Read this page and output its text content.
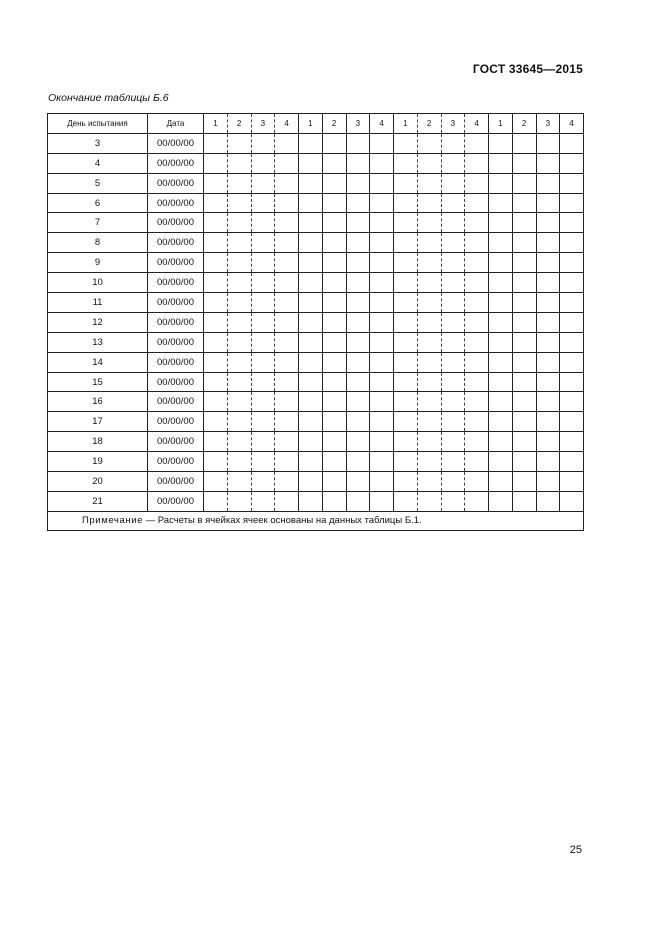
ГОСТ 33645—2015
Окончание таблицы Б.6
День испытания	Дата	1	2	3	4	1	2	3	4	1	2	3	4	1	2	3	4
3	00/00/00																
4	00/00/00																
5	00/00/00																
6	00/00/00																
7	00/00/00																
8	00/00/00																
9	00/00/00																
10	00/00/00																
11	00/00/00																
12	00/00/00																
13	00/00/00																
14	00/00/00																
15	00/00/00																
16	00/00/00																
17	00/00/00																
18	00/00/00																
19	00/00/00																
20	00/00/00																
21	00/00/00																
Примечание — Расчеты в ячейках ячеек основаны на данных таблицы Б.1.																	
25
